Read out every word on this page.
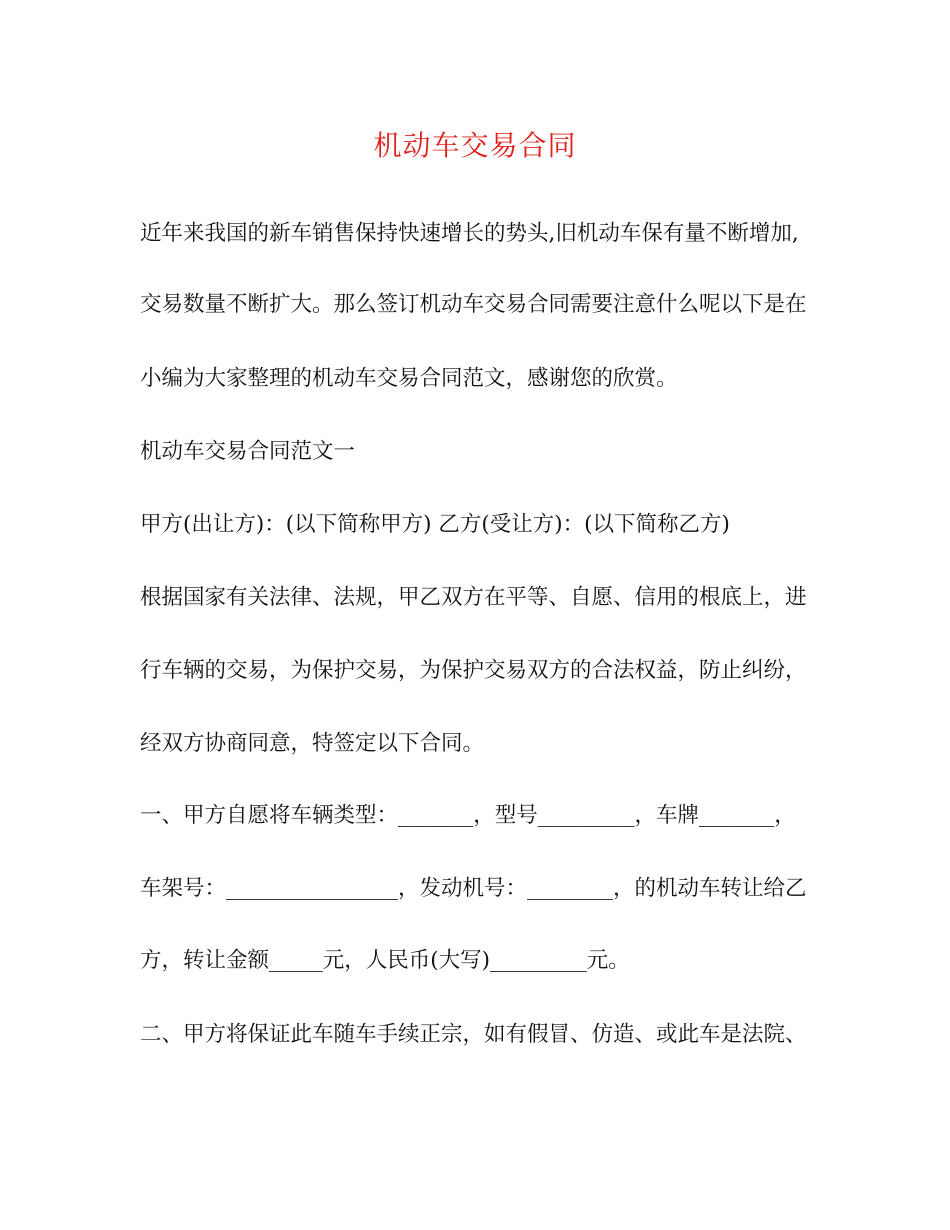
机动车交易合同
近年来我国的新车销售保持快速增长的势头,旧机动车保有量不断增加,
交易数量不断扩大。那么签订机动车交易合同需要注意什么呢以下是在
小编为大家整理的机动车交易合同范文，感谢您的欣赏。
机动车交易合同范文一
甲方(出让方)：(以下简称甲方) 乙方(受让方)：(以下简称乙方)
根据国家有关法律、法规，甲乙双方在平等、自愿、信用的根底上，进
行车辆的交易，为保护交易，为保护交易双方的合法权益，防止纠纷，
经双方协商同意，特签定以下合同。
一、甲方自愿将车辆类型：_______，型号_________，车牌_______，
车架号：________________，发动机号：________，的机动车转让给乙
方，转让金额_____元，人民币(大写)_________元。
二、甲方将保证此车随车手续正宗，如有假冒、仿造、或此车是法院、
